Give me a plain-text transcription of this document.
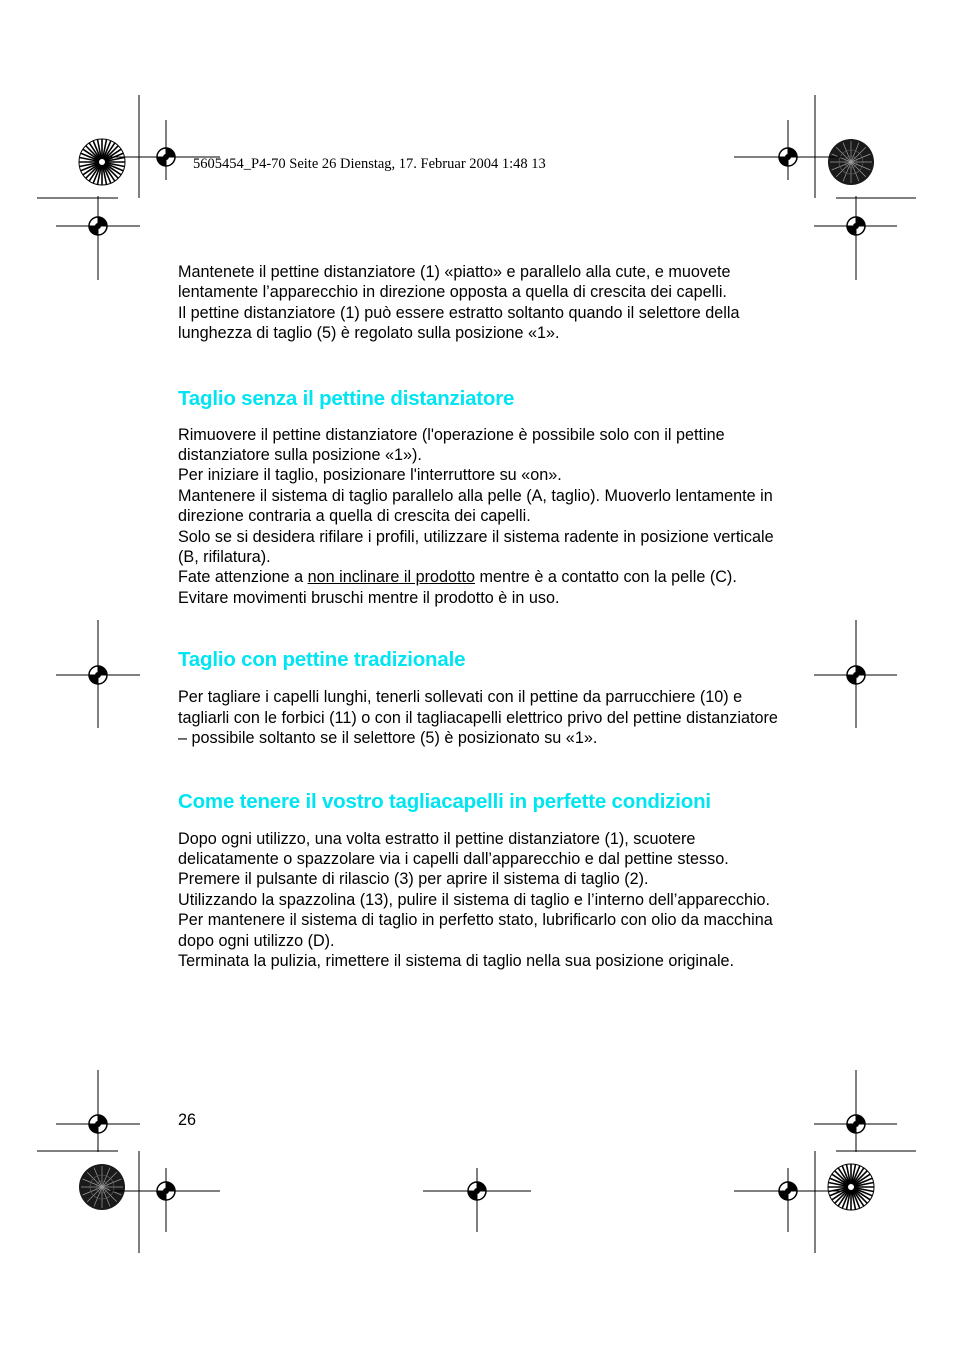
5605454_P4-70 Seite 26 Dienstag, 17. Februar 2004 1:48 13

Mantenete il pettine distanziatore (1) «piatto» e parallelo alla cute, e muovete lentamente l’apparecchio in direzione opposta a quella di crescita dei capelli.

Il pettine distanziatore (1) può essere estratto soltanto quando il selettore della lunghezza di taglio (5) è regolato sulla posizione «1».

Taglio senza il pettine distanziatore

Rimuovere il pettine distanziatore (l'operazione è possibile solo con il pettine distanziatore sulla posizione «1»).

Per iniziare il taglio, posizionare l'interruttore su «on».

Mantenere il sistema di taglio parallelo alla pelle (A, taglio). Muoverlo lentamente in direzione contraria a quella di crescita dei capelli.

Solo se si desidera rifilare i profili, utilizzare il sistema radente in posizione verticale (B, rifilatura).

Fate attenzione a non inclinare il prodotto mentre è a contatto con la pelle (C).

Evitare movimenti bruschi mentre il prodotto è in uso.

Taglio con pettine tradizionale

Per tagliare i capelli lunghi, tenerli sollevati con il pettine da parrucchiere (10) e tagliarli con le forbici (11) o con il tagliacapelli elettrico privo del pettine distanziatore – possibile soltanto se il selettore (5) è posizionato su «1».

Come tenere il vostro tagliacapelli in perfette condizioni

Dopo ogni utilizzo, una volta estratto il pettine distanziatore (1), scuotere delicatamente o spazzolare via i capelli dall’apparecchio e dal pettine stesso.

Premere il pulsante di rilascio (3) per aprire il sistema di taglio (2).

Utilizzando la spazzolina (13), pulire il sistema di taglio e l’interno dell’apparecchio.

Per mantenere il sistema di taglio in perfetto stato, lubrificarlo con olio da macchina dopo ogni utilizzo (D).

Terminata la pulizia, rimettere il sistema di taglio nella sua posizione originale.

26
